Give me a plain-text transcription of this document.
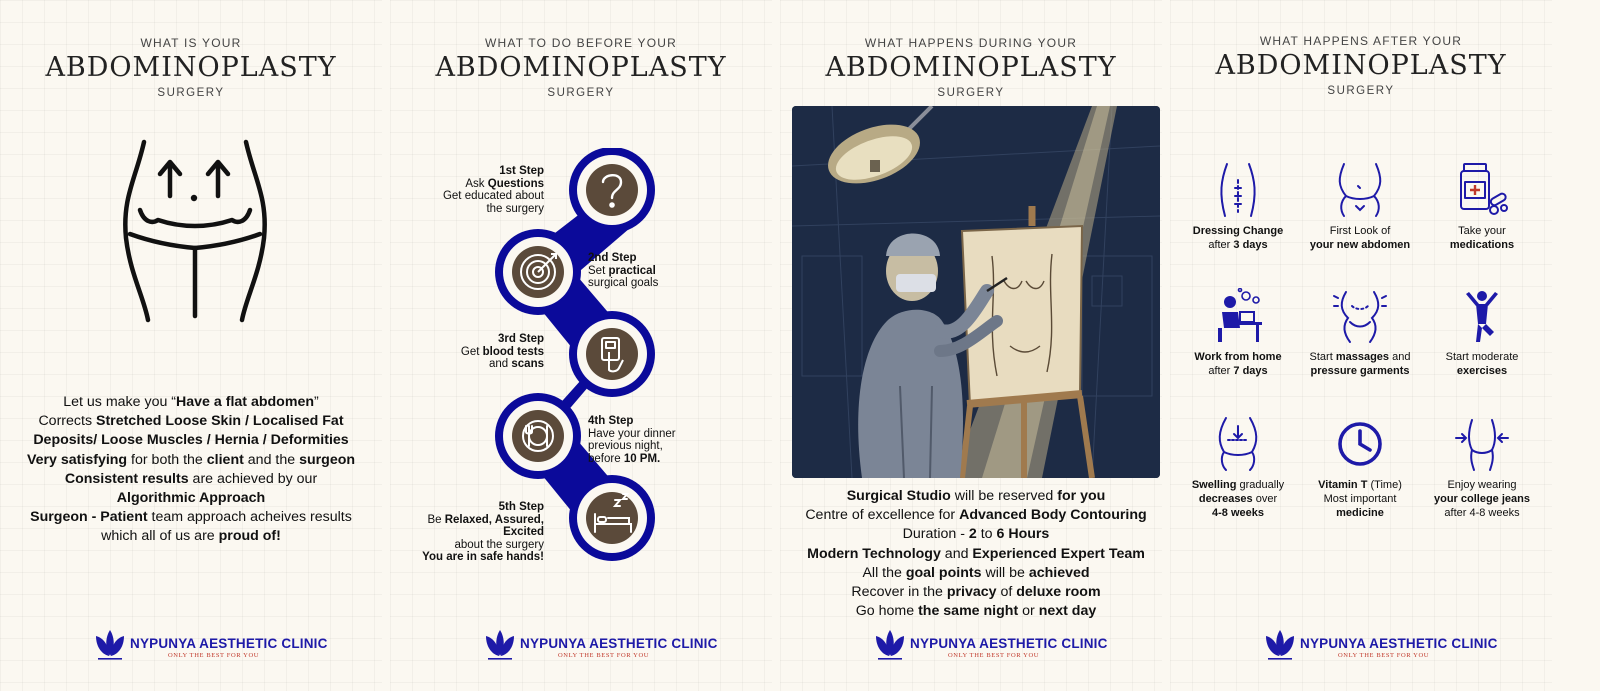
WHAT IS YOUR
ABDOMINOPLASTY
SURGERY
Let us make you “Have a flat abdomen”
Corrects Stretched Loose Skin / Localised Fat
Deposits/ Loose Muscles / Hernia / Deformities
Very satisfying for both the client and the surgeon
Consistent results are achieved by our
Algorithmic Approach
Surgeon - Patient team approach acheives results
which all of us are proud of!
NYPUNYA AESTHETIC CLINIC
ONLY THE BEST FOR YOU
WHAT TO DO BEFORE YOUR
ABDOMINOPLASTY
SURGERY
1st Step
Ask Questions
Get educated about
the surgery
2nd Step
Set practical
surgical goals
3rd Step
Get blood tests
and scans
4th Step
Have your dinner
previous night,
before 10 PM.
5th Step
Be Relaxed, Assured, Excited
about the surgery
You are in safe hands!
NYPUNYA AESTHETIC CLINIC
ONLY THE BEST FOR YOU
WHAT HAPPENS DURING YOUR
ABDOMINOPLASTY
SURGERY
Surgical Studio will be reserved for you
Centre of excellence for Advanced Body Contouring
Duration - 2 to 6 Hours
Modern Technology and Experienced Expert Team
All the goal points will be achieved
Recover in the privacy of deluxe room
Go home the same night or next day
NYPUNYA AESTHETIC CLINIC
ONLY THE BEST FOR YOU
WHAT HAPPENS AFTER YOUR
ABDOMINOPLASTY
SURGERY
Dressing Change
after 3 days
First Look of
your new abdomen
Take your
medications
Work from home
after 7 days
Start massages and
pressure garments
Start moderate
exercises
Swelling gradually
decreases over
4-8 weeks
Vitamin T (Time)
Most important
medicine
Enjoy wearing
your college jeans
after 4-8 weeks
NYPUNYA AESTHETIC CLINIC
ONLY THE BEST FOR YOU
